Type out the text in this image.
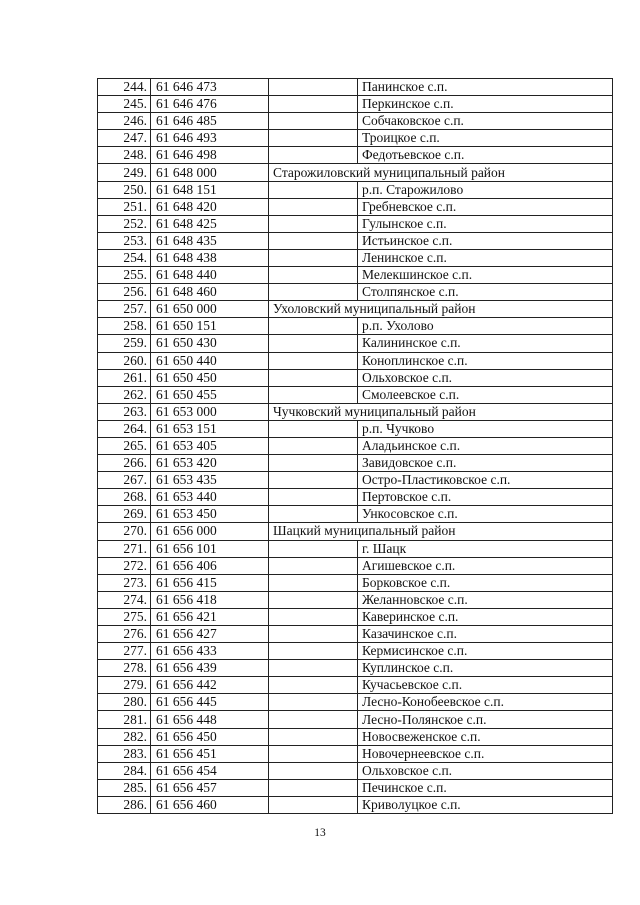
244.	61 646 473		Панинское с.п.
245.	61 646 476		Перкинское с.п.
246.	61 646 485		Собчаковское с.п.
247.	61 646 493		Троицкое с.п.
248.	61 646 498		Федотьевское с.п.
249.	61 648 000	Старожиловский муниципальный район	
250.	61 648 151		р.п. Старожилово
251.	61 648 420		Гребневское с.п.
252.	61 648 425		Гулынское с.п.
253.	61 648 435		Истьинское с.п.
254.	61 648 438		Ленинское с.п.
255.	61 648 440		Мелекшинское с.п.
256.	61 648 460		Столпянское с.п.
257.	61 650 000	Ухоловский муниципальный район	
258.	61 650 151		р.п. Ухолово
259.	61 650 430		Калининское с.п.
260.	61 650 440		Коноплинское с.п.
261.	61 650 450		Ольховское с.п.
262.	61 650 455		Смолеевское с.п.
263.	61 653 000	Чучковский муниципальный район	
264.	61 653 151		р.п. Чучково
265.	61 653 405		Аладьинское с.п.
266.	61 653 420		Завидовское с.п.
267.	61 653 435		Остро-Пластиковское с.п.
268.	61 653 440		Пертовское с.п.
269.	61 653 450		Ункосовское с.п.
270.	61 656 000	Шацкий муниципальный район	
271.	61 656 101		г. Шацк
272.	61 656 406		Агишевское с.п.
273.	61 656 415		Борковское с.п.
274.	61 656 418		Желанновское с.п.
275.	61 656 421		Каверинское с.п.
276.	61 656 427		Казачинское с.п.
277.	61 656 433		Кермисинское с.п.
278.	61 656 439		Куплинское с.п.
279.	61 656 442		Кучасьевское с.п.
280.	61 656 445		Лесно-Конобеевское с.п.
281.	61 656 448		Лесно-Полянское с.п.
282.	61 656 450		Новосвеженское с.п.
283.	61 656 451		Новочернеевское с.п.
284.	61 656 454		Ольховское с.п.
285.	61 656 457		Печинское с.п.
286.	61 656 460		Криволуцкое с.п.
13
